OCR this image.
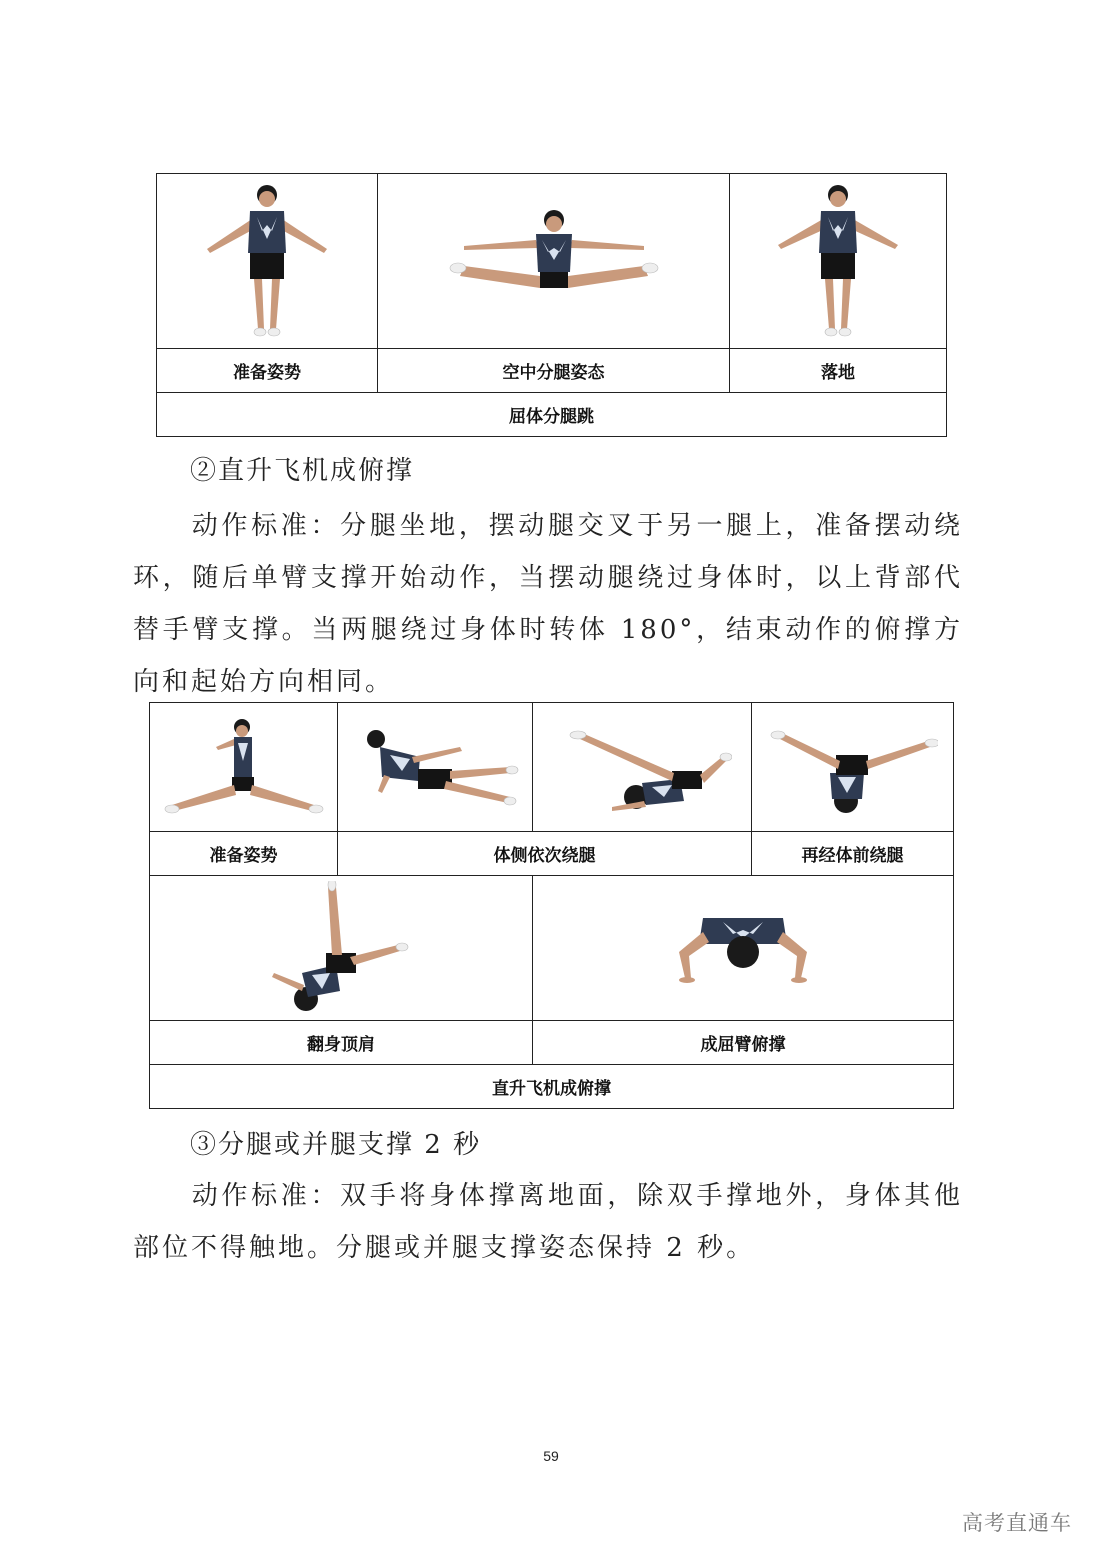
准备姿势	空中分腿姿态	落地
屈体分腿跳		
②直升飞机成俯撑

动作标准：分腿坐地，摆动腿交叉于另一腿上，准备摆动绕环，随后单臂支撑开始动作，当摆动腿绕过身体时，以上背部代替手臂支撑。当两腿绕过身体时转体 180°，结束动作的俯撑方向和起始方向相同。

准备姿势	体侧依次绕腿		再经体前绕腿

翻身顶肩		成屈臂俯撑	
直升飞机成俯撑			
③分腿或并腿支撑 2 秒

动作标准：双手将身体撑离地面，除双手撑地外，身体其他部位不得触地。分腿或并腿支撑姿态保持 2 秒。

59
高考直通车
